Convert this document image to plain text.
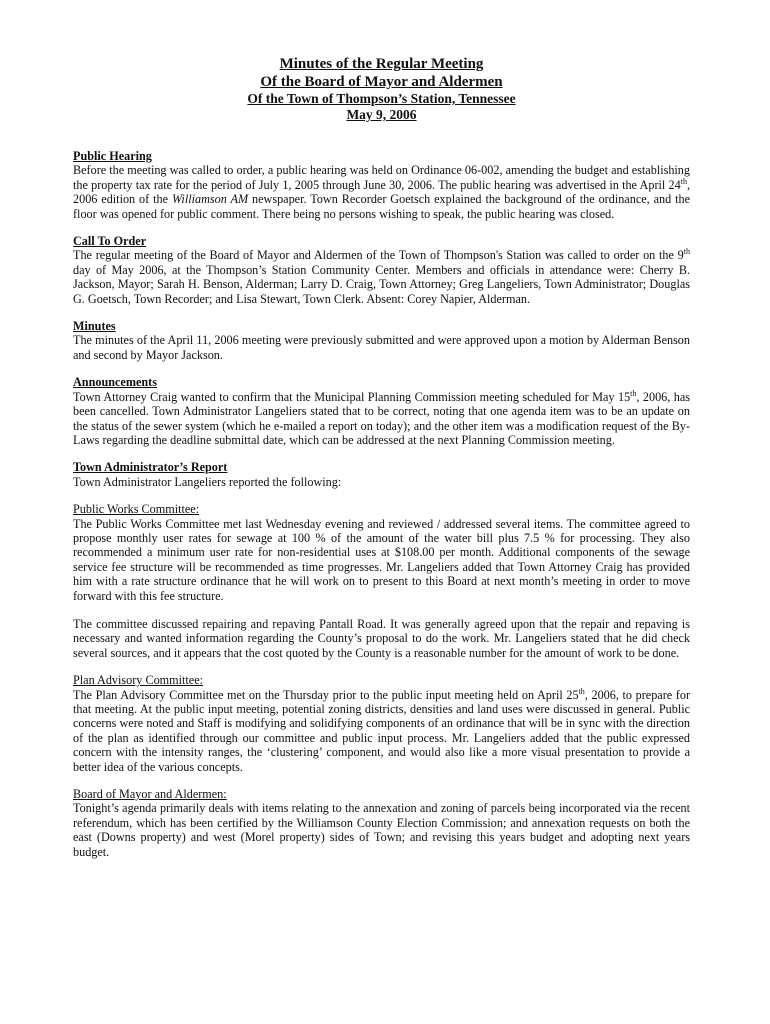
Minutes of the Regular Meeting
Of the Board of Mayor and Aldermen
Of the Town of Thompson’s Station, Tennessee
May 9, 2006
Public Hearing

Before the meeting was called to order, a public hearing was held on Ordinance 06-002, amending the budget and establishing the property tax rate for the period of July 1, 2005 through June 30, 2006. The public hearing was advertised in the April 24th, 2006 edition of the Williamson AM newspaper. Town Recorder Goetsch explained the background of the ordinance, and the floor was opened for public comment. There being no persons wishing to speak, the public hearing was closed.

Call To Order

The regular meeting of the Board of Mayor and Aldermen of the Town of Thompson's Station was called to order on the 9th day of May 2006, at the Thompson’s Station Community Center. Members and officials in attendance were: Cherry B. Jackson, Mayor; Sarah H. Benson, Alderman; Larry D. Craig, Town Attorney; Greg Langeliers, Town Administrator; Douglas G. Goetsch, Town Recorder; and Lisa Stewart, Town Clerk. Absent: Corey Napier, Alderman.

Minutes

The minutes of the April 11, 2006 meeting were previously submitted and were approved upon a motion by Alderman Benson and second by Mayor Jackson.

Announcements

Town Attorney Craig wanted to confirm that the Municipal Planning Commission meeting scheduled for May 15th, 2006, has been cancelled. Town Administrator Langeliers stated that to be correct, noting that one agenda item was to be an update on the status of the sewer system (which he e-mailed a report on today); and the other item was a modification request of the By-Laws regarding the deadline submittal date, which can be addressed at the next Planning Commission meeting.

Town Administrator’s Report

Town Administrator Langeliers reported the following:

Public Works Committee:

The Public Works Committee met last Wednesday evening and reviewed / addressed several items. The committee agreed to propose monthly user rates for sewage at 100 % of the amount of the water bill plus 7.5 % for processing. They also recommended a minimum user rate for non-residential uses at $108.00 per month. Additional components of the sewage service fee structure will be recommended as time progresses. Mr. Langeliers added that Town Attorney Craig has provided him with a rate structure ordinance that he will work on to present to this Board at next month’s meeting in order to move forward with this fee structure.

The committee discussed repairing and repaving Pantall Road. It was generally agreed upon that the repair and repaving is necessary and wanted information regarding the County’s proposal to do the work. Mr. Langeliers stated that he did check several sources, and it appears that the cost quoted by the County is a reasonable number for the amount of work to be done.

Plan Advisory Committee:

The Plan Advisory Committee met on the Thursday prior to the public input meeting held on April 25th, 2006, to prepare for that meeting. At the public input meeting, potential zoning districts, densities and land uses were discussed in general. Public concerns were noted and Staff is modifying and solidifying components of an ordinance that will be in sync with the direction of the plan as identified through our committee and public input process. Mr. Langeliers added that the public expressed concern with the intensity ranges, the ‘clustering’ component, and would also like a more visual presentation to provide a better idea of the various concepts.

Board of Mayor and Aldermen:

Tonight’s agenda primarily deals with items relating to the annexation and zoning of parcels being incorporated via the recent referendum, which has been certified by the Williamson County Election Commission; and annexation requests on both the east (Downs property) and west (Morel property) sides of Town; and revising this years budget and adopting next years budget.
